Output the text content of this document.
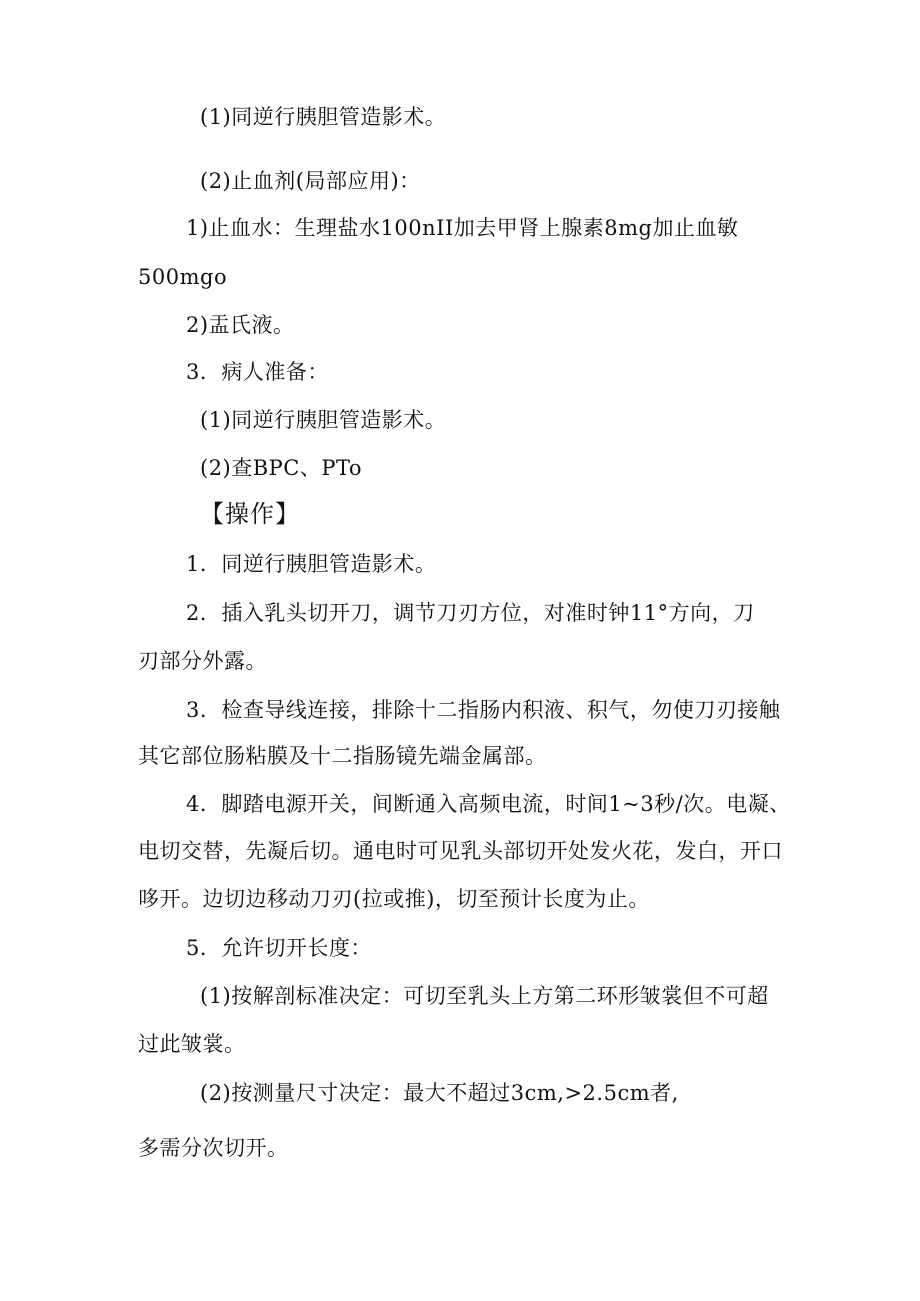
(1)同逆行胰胆管造影术。
(2)止血剂(局部应用)：
1)止血水：生理盐水100nII加去甲肾上腺素8mg加止血敏
500mgo
2)盂氏液。
3．病人准备：
(1)同逆行胰胆管造影术。
(2)查BPC、PTo
【操作】
1．同逆行胰胆管造影术。
2．插入乳头切开刀，调节刀刃方位，对准时钟11°方向，刀
刃部分外露。
3．检查导线连接，排除十二指肠内积液、积气，勿使刀刃接触
其它部位肠粘膜及十二指肠镜先端金属部。
4．脚踏电源开关，间断通入高频电流，时间1~3秒/次。电凝、
电切交替，先凝后切。通电时可见乳头部切开处发火花，发白，开口
哆开。边切边移动刀刃(拉或推)，切至预计长度为止。
5．允许切开长度：
(1)按解剖标准决定：可切至乳头上方第二环形皱裳但不可超
过此皱裳。
(2)按测量尺寸决定：最大不超过3cm,>2.5cm者,
多需分次切开。
